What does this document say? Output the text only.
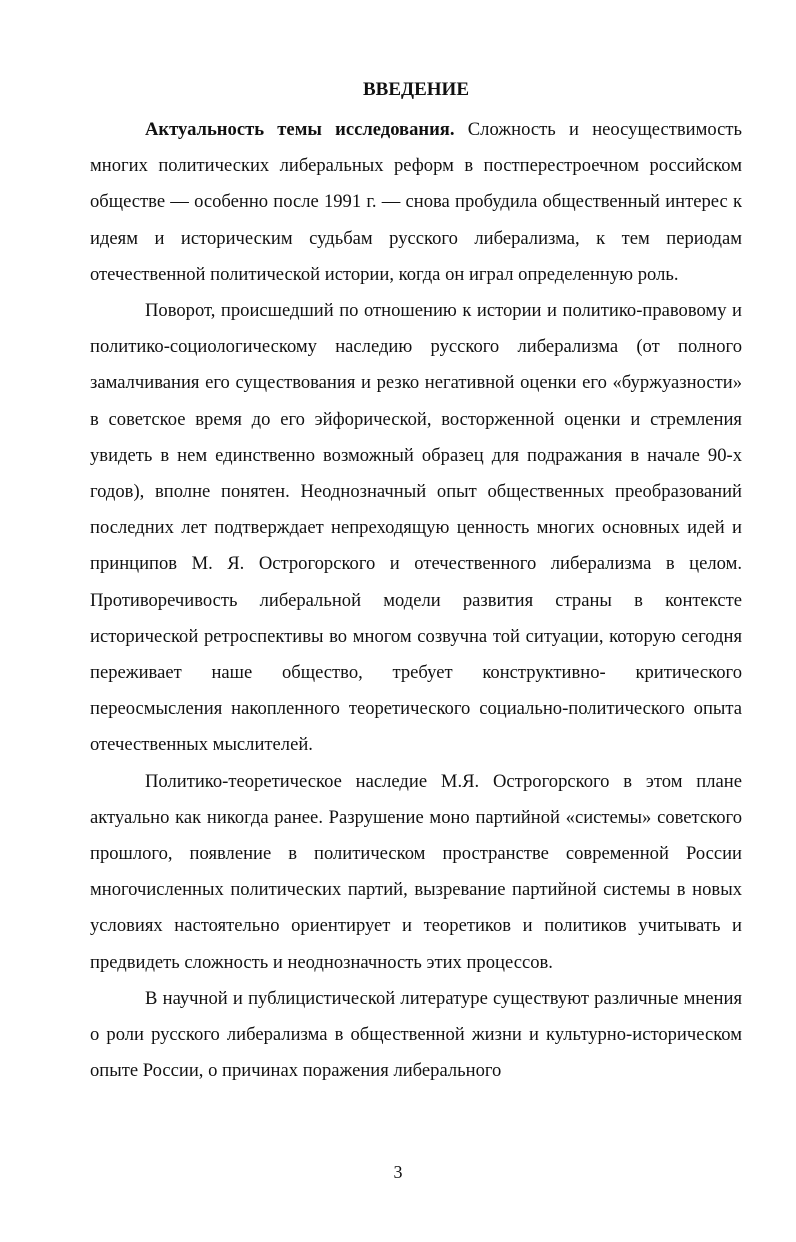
ВВЕДЕНИЕ

Актуальность темы исследования. Сложность и неосуществимость многих политических либеральных реформ в постперестроечном российском обществе — особенно после 1991 г. — снова пробудила общественный интерес к идеям и историческим судьбам русского либерализма, к тем периодам отечественной политической истории, когда он играл определенную роль.

Поворот, происшедший по отношению к истории и политико-правовому и политико-социологическому наследию русского либерализма (от полного замалчивания его существования и резко негативной оценки его «буржуазности» в советское время до его эйфорической, восторженной оценки и стремления увидеть в нем единственно возможный образец для подражания в начале 90-х годов), вполне понятен. Неоднозначный опыт общественных преобразований последних лет подтверждает непреходящую ценность многих основных идей и принципов М. Я. Острогорского и отечественного либерализма в целом. Противоречивость либеральной модели развития страны в контексте исторической ретроспективы во многом созвучна той ситуации, которую сегодня переживает наше общество, требует конструктивно- критического переосмысления накопленного теоретического социально-политического опыта отечественных мыслителей.

Политико-теоретическое наследие М.Я. Острогорского в этом плане актуально как никогда ранее. Разрушение моно партийной «системы» советского прошлого, появление в политическом пространстве современной России многочисленных политических партий, вызревание партийной системы в новых условиях настоятельно ориентирует и теоретиков и политиков учитывать и предвидеть сложность и неоднозначность этих процессов.

В научной и публицистической литературе существуют различные мнения о роли русского либерализма в общественной жизни и культурно-историческом опыте России, о причинах поражения либерального

3
